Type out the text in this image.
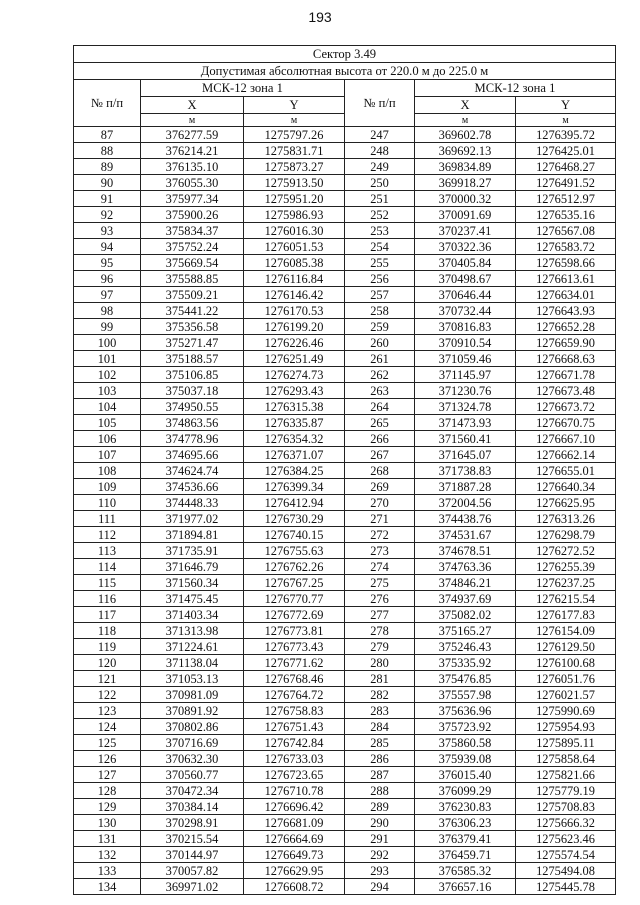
193
Сектор 3.49					
Допустимая абсолютная высота от 220.0 м до 225.0 м					
№ п/п	МСК-12 зона 1		№ п/п	МСК-12 зона 1	
	X	Y		X	Y
	м	м		м	м
87	376277.59	1275797.26	247	369602.78	1276395.72
88	376214.21	1275831.71	248	369692.13	1276425.01
89	376135.10	1275873.27	249	369834.89	1276468.27
90	376055.30	1275913.50	250	369918.27	1276491.52
91	375977.34	1275951.20	251	370000.32	1276512.97
92	375900.26	1275986.93	252	370091.69	1276535.16
93	375834.37	1276016.30	253	370237.41	1276567.08
94	375752.24	1276051.53	254	370322.36	1276583.72
95	375669.54	1276085.38	255	370405.84	1276598.66
96	375588.85	1276116.84	256	370498.67	1276613.61
97	375509.21	1276146.42	257	370646.44	1276634.01
98	375441.22	1276170.53	258	370732.44	1276643.93
99	375356.58	1276199.20	259	370816.83	1276652.28
100	375271.47	1276226.46	260	370910.54	1276659.90
101	375188.57	1276251.49	261	371059.46	1276668.63
102	375106.85	1276274.73	262	371145.97	1276671.78
103	375037.18	1276293.43	263	371230.76	1276673.48
104	374950.55	1276315.38	264	371324.78	1276673.72
105	374863.56	1276335.87	265	371473.93	1276670.75
106	374778.96	1276354.32	266	371560.41	1276667.10
107	374695.66	1276371.07	267	371645.07	1276662.14
108	374624.74	1276384.25	268	371738.83	1276655.01
109	374536.66	1276399.34	269	371887.28	1276640.34
110	374448.33	1276412.94	270	372004.56	1276625.95
111	371977.02	1276730.29	271	374438.76	1276313.26
112	371894.81	1276740.15	272	374531.67	1276298.79
113	371735.91	1276755.63	273	374678.51	1276272.52
114	371646.79	1276762.26	274	374763.36	1276255.39
115	371560.34	1276767.25	275	374846.21	1276237.25
116	371475.45	1276770.77	276	374937.69	1276215.54
117	371403.34	1276772.69	277	375082.02	1276177.83
118	371313.98	1276773.81	278	375165.27	1276154.09
119	371224.61	1276773.43	279	375246.43	1276129.50
120	371138.04	1276771.62	280	375335.92	1276100.68
121	371053.13	1276768.46	281	375476.85	1276051.76
122	370981.09	1276764.72	282	375557.98	1276021.57
123	370891.92	1276758.83	283	375636.96	1275990.69
124	370802.86	1276751.43	284	375723.92	1275954.93
125	370716.69	1276742.84	285	375860.58	1275895.11
126	370632.30	1276733.03	286	375939.08	1275858.64
127	370560.77	1276723.65	287	376015.40	1275821.66
128	370472.34	1276710.78	288	376099.29	1275779.19
129	370384.14	1276696.42	289	376230.83	1275708.83
130	370298.91	1276681.09	290	376306.23	1275666.32
131	370215.54	1276664.69	291	376379.41	1275623.46
132	370144.97	1276649.73	292	376459.71	1275574.54
133	370057.82	1276629.95	293	376585.32	1275494.08
134	369971.02	1276608.72	294	376657.16	1275445.78
